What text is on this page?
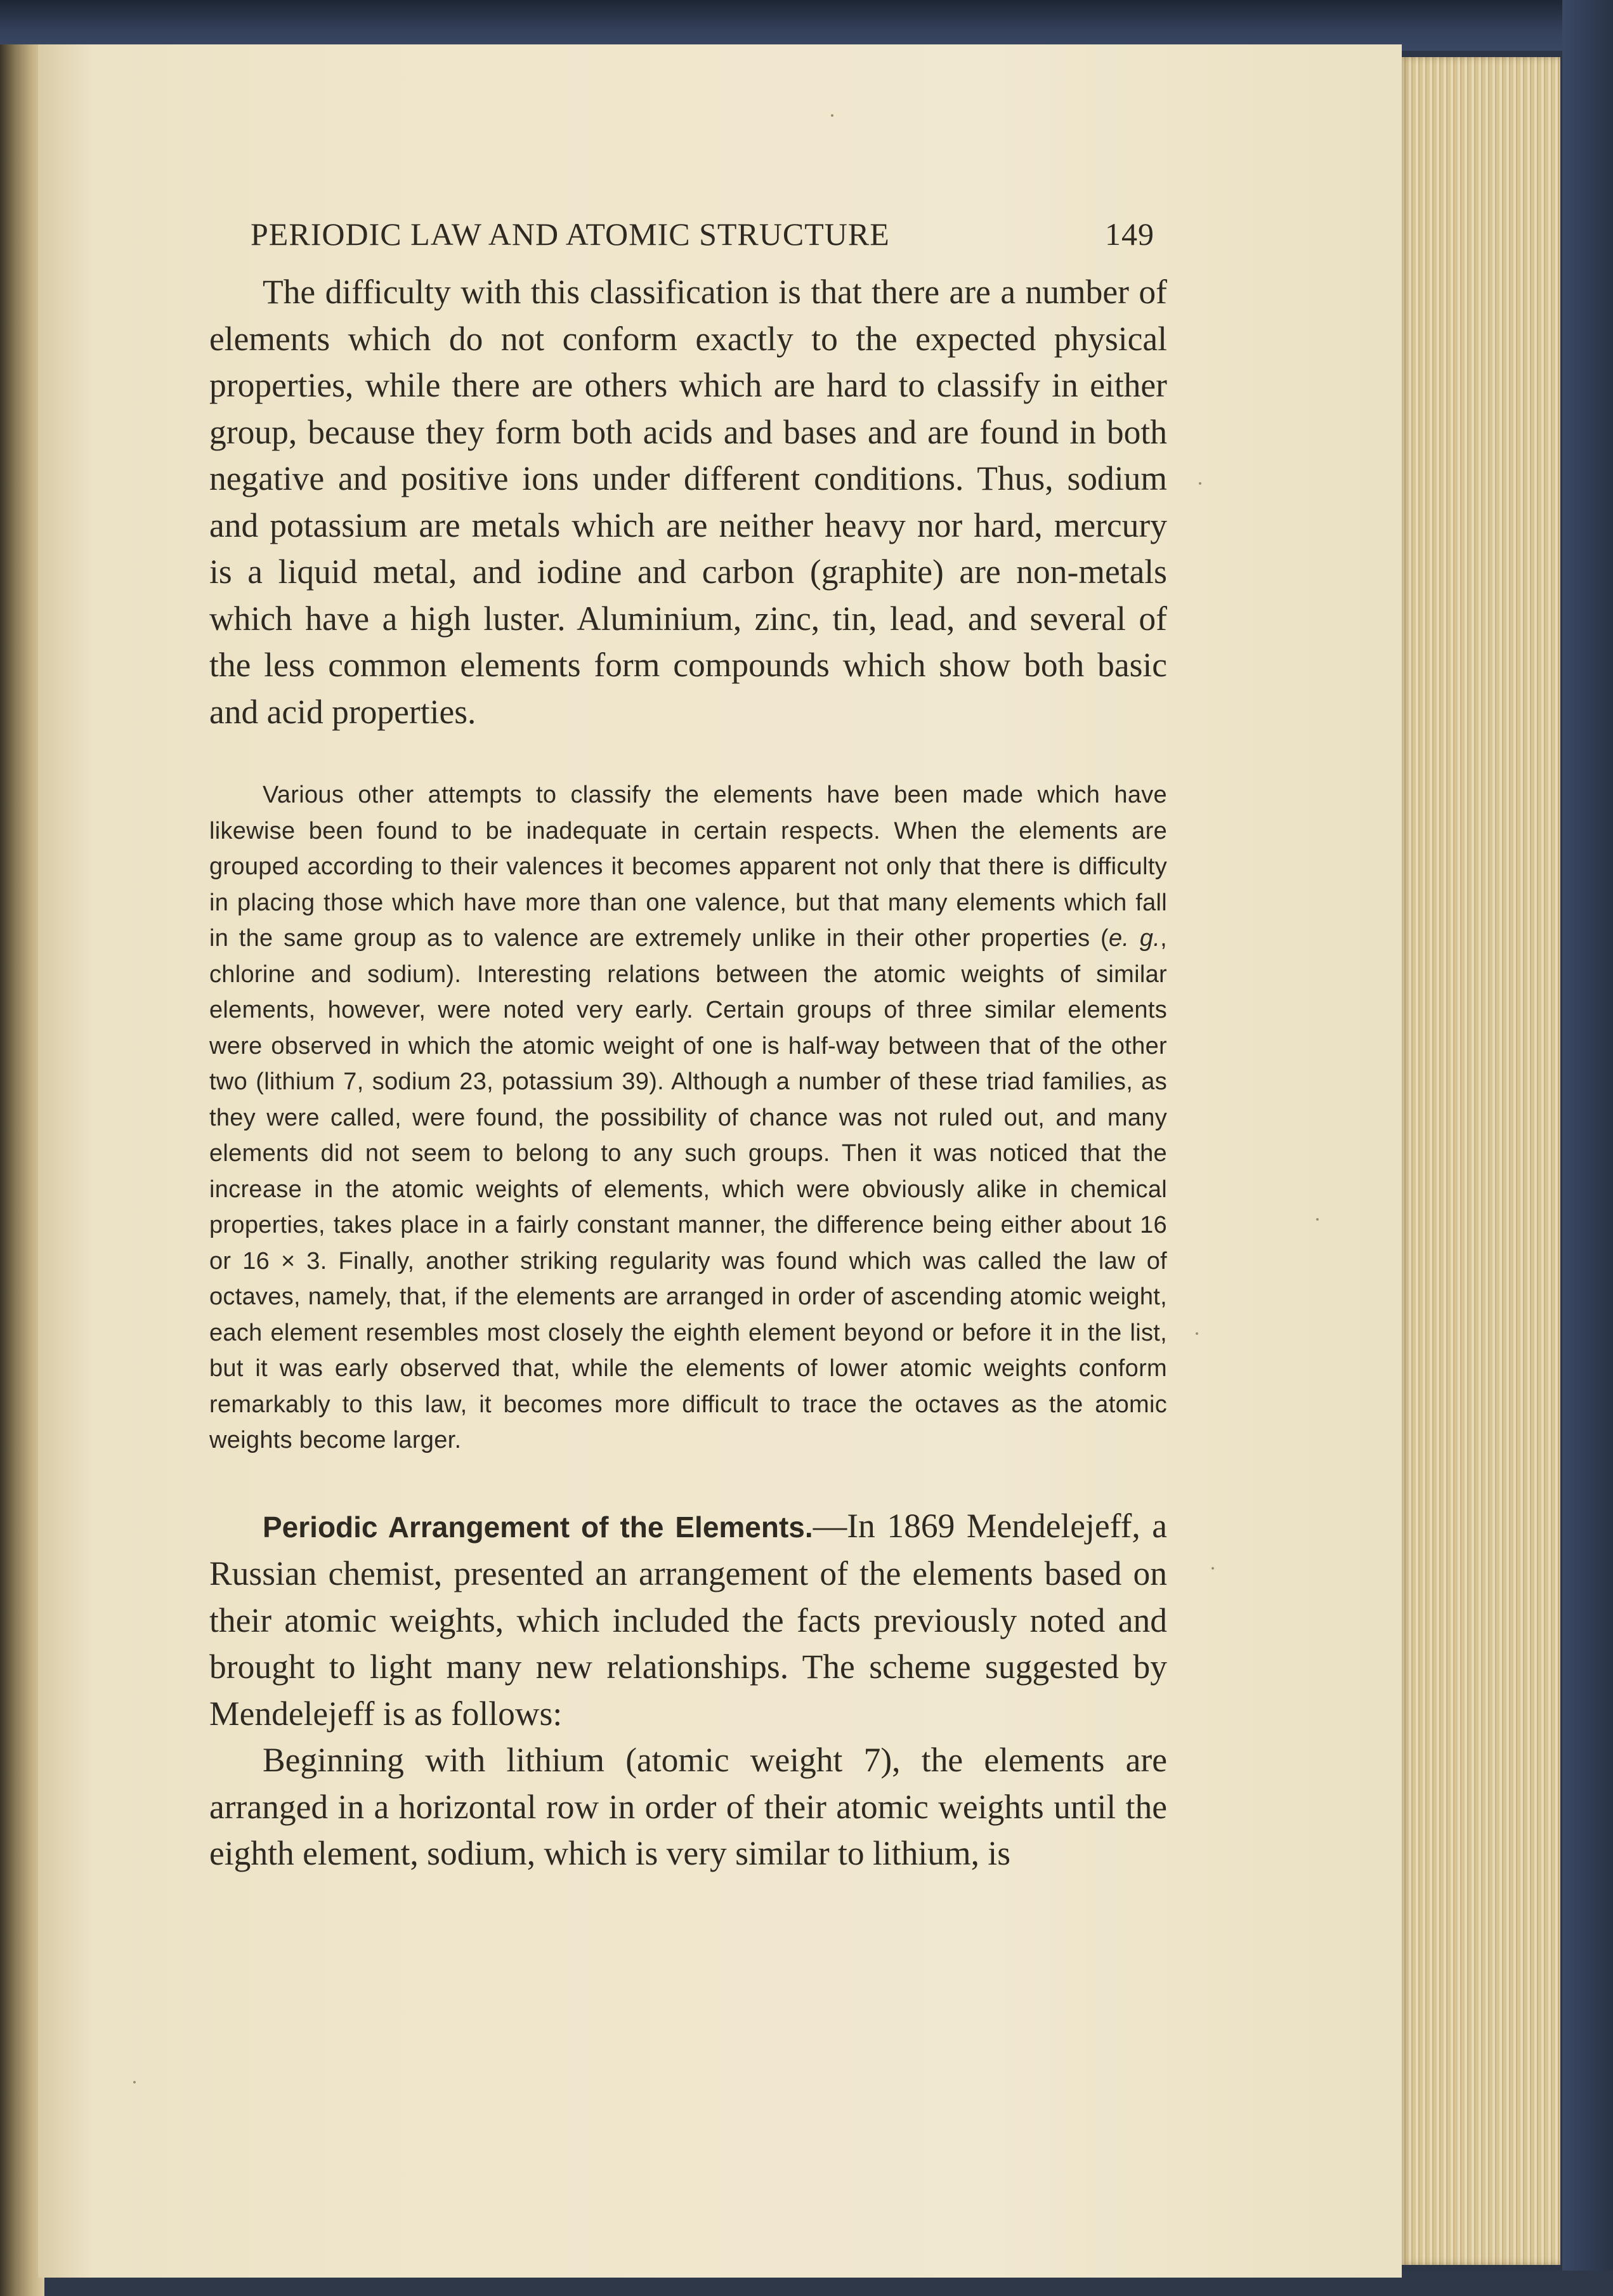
PERIODIC LAW AND ATOMIC STRUCTURE	149

The difficulty with this classification is that there are a number of elements which do not conform exactly to the expected physical properties, while there are others which are hard to classify in either group, because they form both acids and bases and are found in both negative and positive ions under different conditions. Thus, sodium and potassium are metals which are neither heavy nor hard, mercury is a liquid metal, and iodine and carbon (graphite) are non-metals which have a high luster. Aluminium, zinc, tin, lead, and several of the less common elements form compounds which show both basic and acid properties.

Various other attempts to classify the elements have been made which have likewise been found to be inadequate in certain respects. When the elements are grouped according to their valences it becomes apparent not only that there is difficulty in placing those which have more than one valence, but that many elements which fall in the same group as to valence are extremely unlike in their other properties (e. g., chlorine and sodium). Interesting relations between the atomic weights of similar elements, however, were noted very early. Certain groups of three similar elements were observed in which the atomic weight of one is half-way between that of the other two (lithium 7, sodium 23, potassium 39). Although a number of these triad families, as they were called, were found, the possibility of chance was not ruled out, and many elements did not seem to belong to any such groups. Then it was noticed that the increase in the atomic weights of elements, which were obviously alike in chemical properties, takes place in a fairly constant manner, the difference being either about 16 or 16 × 3. Finally, another striking regularity was found which was called the law of octaves, namely, that, if the elements are arranged in order of ascending atomic weight, each element resembles most closely the eighth element beyond or before it in the list, but it was early observed that, while the elements of lower atomic weights conform remarkably to this law, it becomes more difficult to trace the octaves as the atomic weights become larger.

Periodic Arrangement of the Elements.—In 1869 Mendelejeff, a Russian chemist, presented an arrangement of the elements based on their atomic weights, which included the facts previously noted and brought to light many new relationships. The scheme suggested by Mendelejeff is as follows:

Beginning with lithium (atomic weight 7), the elements are arranged in a horizontal row in order of their atomic weights until the eighth element, sodium, which is very similar to lithium, is
